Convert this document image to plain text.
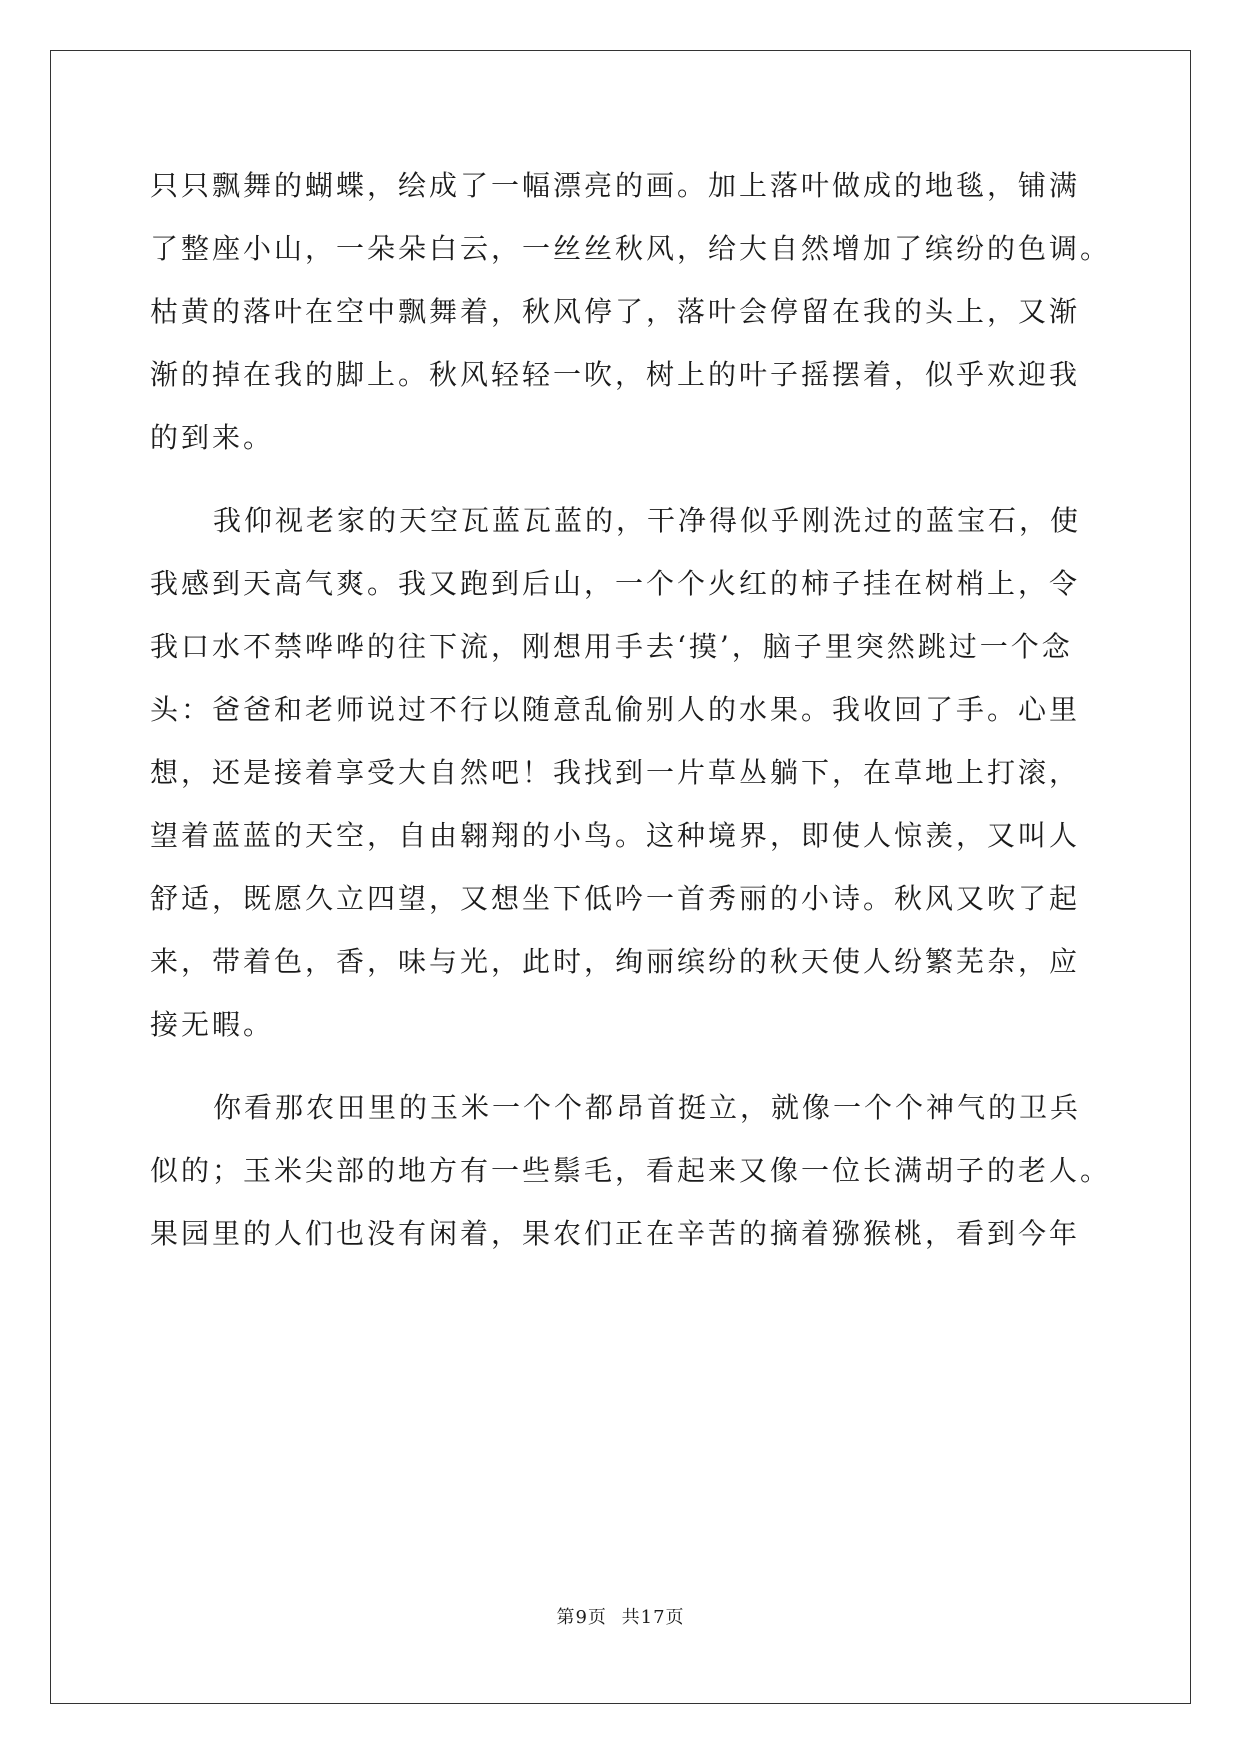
只只飘舞的蝴蝶，绘成了一幅漂亮的画。加上落叶做成的地毯，铺满
了整座小山，一朵朵白云，一丝丝秋风，给大自然增加了缤纷的色调。
枯黄的落叶在空中飘舞着，秋风停了，落叶会停留在我的头上，又渐
渐的掉在我的脚上。秋风轻轻一吹，树上的叶子摇摆着，似乎欢迎我
的到来。
我仰视老家的天空瓦蓝瓦蓝的，干净得似乎刚洗过的蓝宝石，使
我感到天高气爽。我又跑到后山，一个个火红的柿子挂在树梢上，令
我口水不禁哗哗的往下流，刚想用手去‘摸’，脑子里突然跳过一个念
头：爸爸和老师说过不行以随意乱偷别人的水果。我收回了手。心里
想，还是接着享受大自然吧！我找到一片草丛躺下，在草地上打滚，
望着蓝蓝的天空，自由翱翔的小鸟。这种境界，即使人惊羡，又叫人
舒适，既愿久立四望，又想坐下低吟一首秀丽的小诗。秋风又吹了起
来，带着色，香，味与光，此时，绚丽缤纷的秋天使人纷繁芜杂，应
接无暇。
你看那农田里的玉米一个个都昂首挺立，就像一个个神气的卫兵
似的；玉米尖部的地方有一些鬃毛，看起来又像一位长满胡子的老人。
果园里的人们也没有闲着，果农们正在辛苦的摘着猕猴桃，看到今年
第9页 共17页
